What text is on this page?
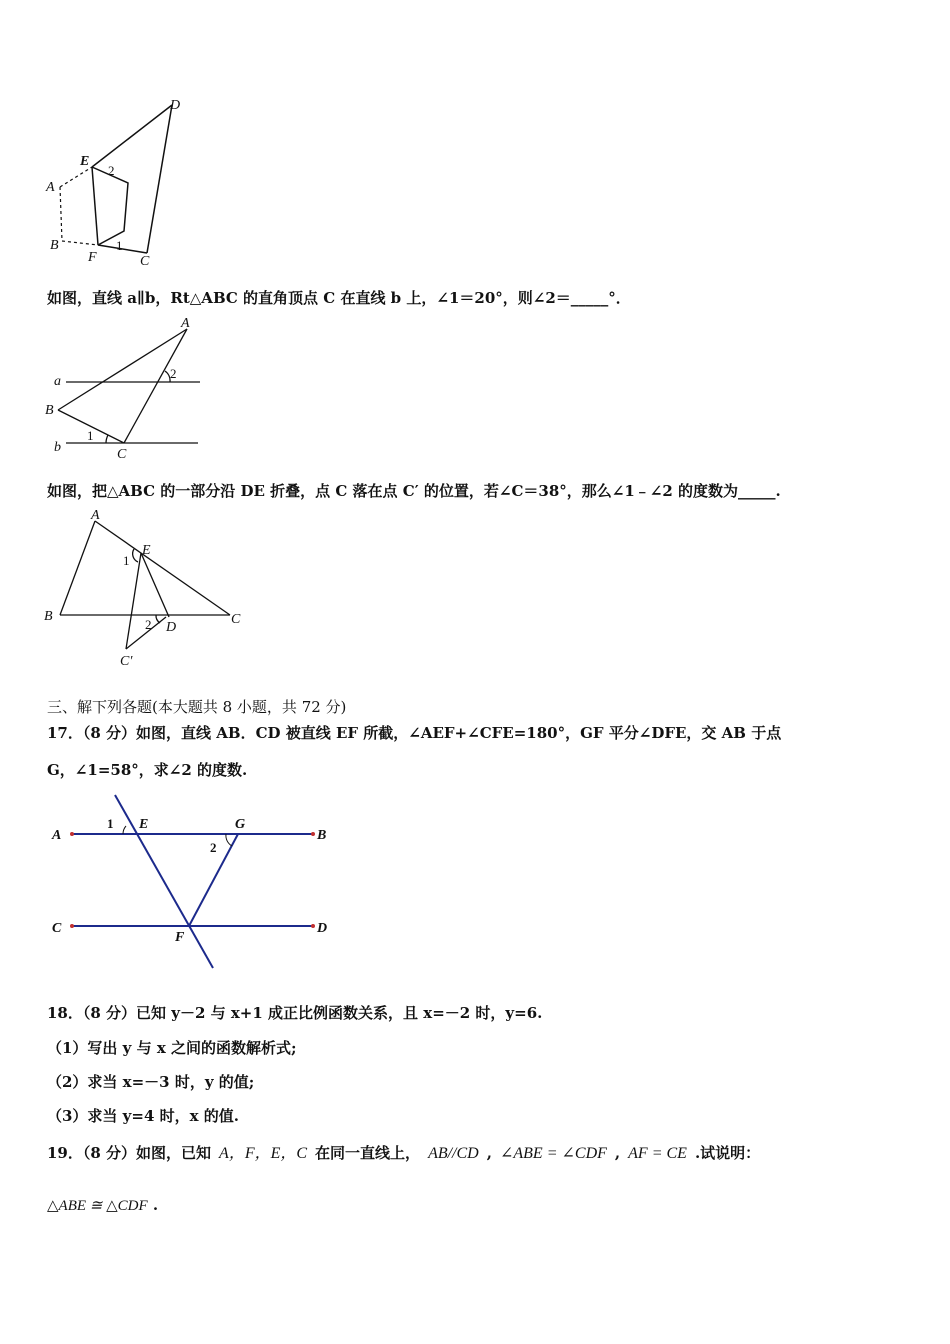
D
E
2
A
B	1
F	C
如图，直线 a∥b，Rt△ABC 的直角顶点 C 在直线 b 上，∠1＝20°，则∠2＝_____°．
A
a
2
B
1
b	C
如图，把△ABC 的一部分沿 DE 折叠，点 C 落在点 C′ 的位置，若∠C＝38°，那么∠1﹣∠2 的度数为_____.
A
E
1
B	C
2 D
C′
三、解下列各题(本大题共 8 小题，共 72 分)
17．（8 分）如图，直线 AB．CD 被直线 EF 所截，∠AEF+∠CFE=180°，GF 平分∠DFE，交 AB 于点
G，∠1=58°，求∠2 的度数.
1 E	G
A	B
2
C
F
D
18．（8 分）已知 y－2 与 x+1 成正比例函数关系，且 x=－2 时，y=6.
（1）写出 y 与 x 之间的函数解析式;
（2）求当 x=－3 时，y 的值;
（3）求当 y=4 时，x 的值.
19．（8 分）如图，已知 A，F，E，C 在同一直线上， AB//CD , ∠ABE = ∠CDF , AF = CE .试说明：
△ABE ≅ △CDF .
